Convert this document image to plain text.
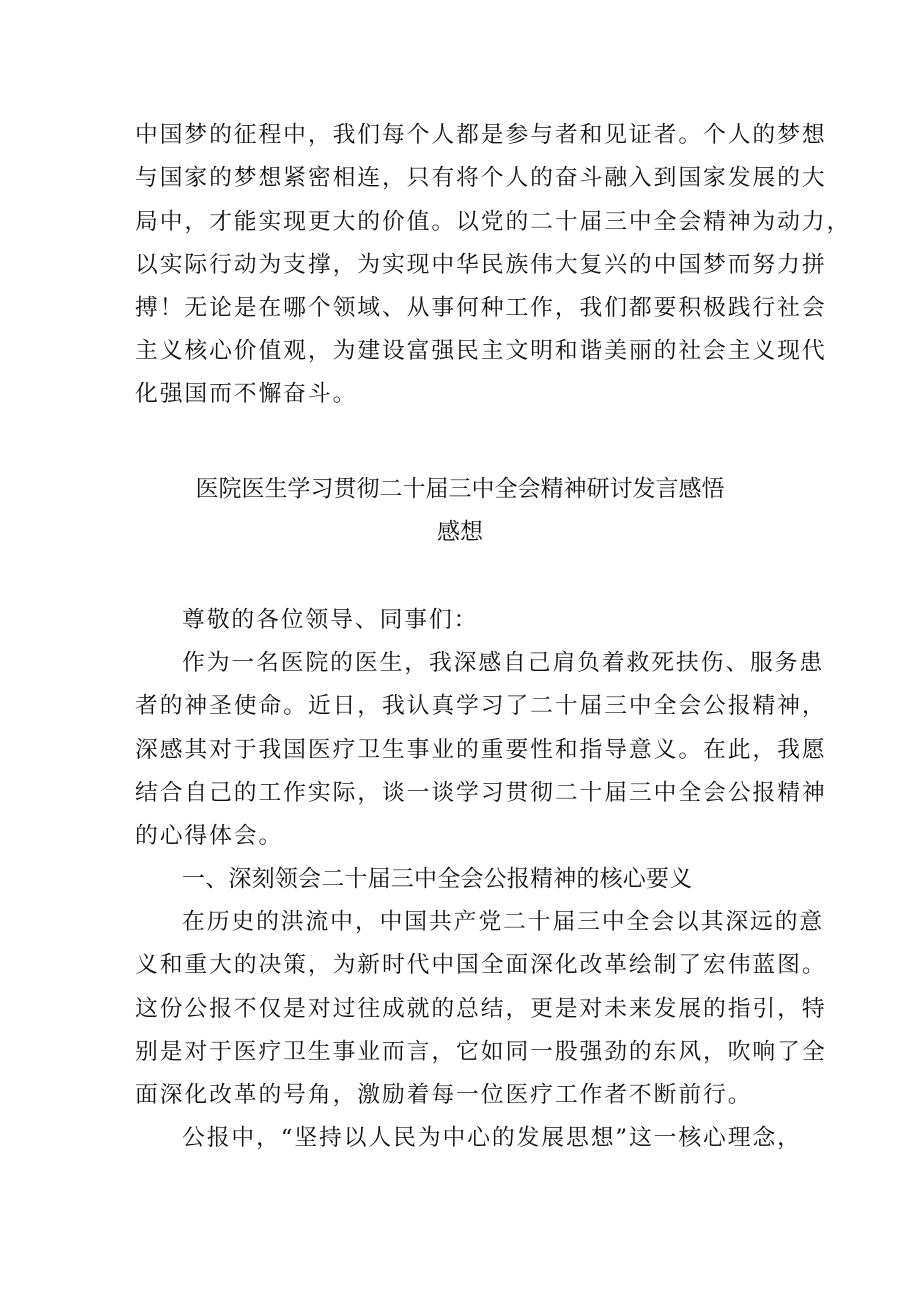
中国梦的征程中，我们每个人都是参与者和见证者。个人的梦想
与国家的梦想紧密相连，只有将个人的奋斗融入到国家发展的大
局中，才能实现更大的价值。以党的二十届三中全会精神为动力，
以实际行动为支撑，为实现中华民族伟大复兴的中国梦而努力拼
搏！无论是在哪个领域、从事何种工作，我们都要积极践行社会
主义核心价值观，为建设富强民主文明和谐美丽的社会主义现代
化强国而不懈奋斗。
医院医生学习贯彻二十届三中全会精神研讨发言感悟
感想
尊敬的各位领导、同事们：
作为一名医院的医生，我深感自己肩负着救死扶伤、服务患
者的神圣使命。近日，我认真学习了二十届三中全会公报精神，
深感其对于我国医疗卫生事业的重要性和指导意义。在此，我愿
结合自己的工作实际，谈一谈学习贯彻二十届三中全会公报精神
的心得体会。
一、深刻领会二十届三中全会公报精神的核心要义
在历史的洪流中，中国共产党二十届三中全会以其深远的意
义和重大的决策，为新时代中国全面深化改革绘制了宏伟蓝图。
这份公报不仅是对过往成就的总结，更是对未来发展的指引，特
别是对于医疗卫生事业而言，它如同一股强劲的东风，吹响了全
面深化改革的号角，激励着每一位医疗工作者不断前行。
公报中，“坚持以人民为中心的发展思想”这一核心理念，
